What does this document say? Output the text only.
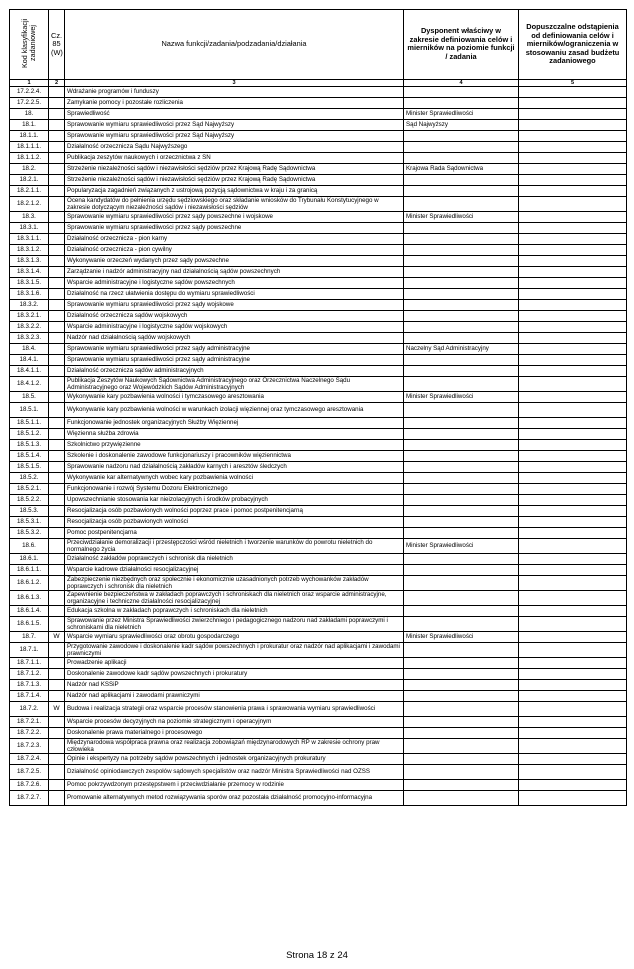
Kod klasyfikacji zadaniowej	Cz. 85 (W)	Nazwa funkcji/zadania/podzadania/działania	Dysponent właściwy w zakresie definiowania celów i mierników na poziomie funkcji / zadania	Dopuszczalne odstąpienia od definiowania celów i mierników/ograniczenia w stosowaniu zasad budżetu zadaniowego
1	2	3	4	5
17.2.2.4.		Wdrażanie programów i funduszy		
17.2.2.5.		Zamykanie pomocy i pozostałe rozliczenia		
18.		Sprawiedliwość	Minister Sprawiedliwości	
18.1.		Sprawowanie wymiaru sprawiedliwości przez Sąd Najwyższy	Sąd Najwyższy	
18.1.1.		Sprawowanie wymiaru sprawiedliwości przez Sąd Najwyższy		
18.1.1.1.		Działalność orzecznicza Sądu Najwyższego		
18.1.1.2.		Publikacja zeszytów naukowych i orzecznictwa z SN		
18.2.		Strzeżenie niezależności sądów i niezawisłości sędziów przez Krajową Radę Sądownictwa	Krajowa Rada Sądownictwa	
18.2.1.		Strzeżenie niezależności sądów i niezawisłości sędziów przez Krajową Radę Sądownictwa		
18.2.1.1.		Popularyzacja zagadnień związanych z ustrojową pozycją sądownictwa w kraju i za granicą		
18.2.1.2.		Ocena kandydatów do pełnienia urzędu sędziowskiego oraz składanie wniosków do Trybunału Konstytucyjnego w zakresie dotyczącym niezależności sądów i niezawisłości sędziów		
18.3.		Sprawowanie wymiaru sprawiedliwości przez sądy powszechne i wojskowe	Minister Sprawiedliwości	
18.3.1.		Sprawowanie wymiaru sprawiedliwości przez sądy powszechne		
18.3.1.1.		Działalność orzecznicza - pion karny		
18.3.1.2.		Działalność orzecznicza - pion cywilny		
18.3.1.3.		Wykonywanie orzeczeń wydanych przez sądy powszechne		
18.3.1.4.		Zarządzanie i nadzór administracyjny nad działalnością sądów powszechnych		
18.3.1.5.		Wsparcie administracyjne i logistyczne sądów powszechnych		
18.3.1.6.		Działalność na rzecz ułatwienia dostępu do wymiaru sprawiedliwości		
18.3.2.		Sprawowanie wymiaru sprawiedliwości przez sądy wojskowe		
18.3.2.1.		Działalność orzecznicza sądów wojskowych		
18.3.2.2.		Wsparcie administracyjne i logistyczne sądów wojskowych		
18.3.2.3.		Nadzór nad działalnością sądów wojskowych		
18.4.		Sprawowanie wymiaru sprawiedliwości przez sądy administracyjne	Naczelny Sąd Administracyjny	
18.4.1.		Sprawowanie wymiaru sprawiedliwości przez sądy administracyjne		
18.4.1.1.		Działalność orzecznicza sądów administracyjnych		
18.4.1.2.		Publikacja Zeszytów Naukowych Sądownictwa Administracyjnego oraz Orzecznictwa Naczelnego Sądu Administracyjnego oraz Wojewódzkich Sądów Administracyjnych		
18.5.		Wykonywanie kary pozbawienia wolności i tymczasowego aresztowania	Minister Sprawiedliwości	
18.5.1.		Wykonywanie kary pozbawienia wolności w warunkach izolacji więziennej oraz tymczasowego aresztowania		
18.5.1.1.		Funkcjonowanie jednostek organizacyjnych Służby Więziennej		
18.5.1.2.		Więzienna służba zdrowia		
18.5.1.3.		Szkolnictwo przywięzienne		
18.5.1.4.		Szkolenie i doskonalenie zawodowe funkcjonariuszy i pracowników więziennictwa		
18.5.1.5.		Sprawowanie nadzoru nad działalnością zakładów karnych i aresztów śledczych		
18.5.2.		Wykonywanie kar alternatywnych wobec kary pozbawienia wolności		
18.5.2.1.		Funkcjonowanie i rozwój Systemu Dozoru Elektronicznego		
18.5.2.2.		Upowszechnianie stosowania kar nieizolacyjnych i środków probacyjnych		
18.5.3.		Resocjalizacja osób pozbawionych wolności poprzez prace i pomoc postpenitencjarną		
18.5.3.1.		Resocjalizacja osób pozbawionych wolności		
18.5.3.2.		Pomoc postpenitencjarna		
18.6.		Przeciwdziałanie demoralizacji i przestępczości wśród nieletnich i tworzenie warunków do powrotu nieletnich do normalnego życia	Minister Sprawiedliwości	
18.6.1.		Działalność zakładów poprawczych i schronisk dla nieletnich		
18.6.1.1.		Wsparcie kadrowe działalności resocjalizacyjnej		
18.6.1.2.		Zabezpieczenie niezbędnych oraz społecznie i ekonomicznie uzasadnionych potrzeb wychowanków zakładów poprawczych i schronisk dla nieletnich		
18.6.1.3.		Zapewnienie bezpieczeństwa w zakładach poprawczych i schroniskach dla nieletnich oraz wsparcie administracyjne, organizacyjne i techniczne działalności resocjalizacyjnej		
18.6.1.4.		Edukacja szkolna w zakładach poprawczych i schroniskach dla nieletnich		
18.6.1.5.		Sprawowanie przez Ministra Sprawiedliwości zwierzchniego i pedagogicznego nadzoru nad zakładami poprawczymi i schroniskami dla nieletnich		
18.7.	W	Wsparcie wymiaru sprawiedliwości oraz obrotu gospodarczego	Minister Sprawiedliwości	
18.7.1.		Przygotowanie zawodowe i doskonalenie kadr sądów powszechnych i prokuratur oraz nadzór nad aplikacjami i zawodami prawniczymi		
18.7.1.1.		Prowadzenie aplikacji		
18.7.1.2.		Doskonalenie zawodowe kadr sądów powszechnych i prokuratury		
18.7.1.3.		Nadzór nad KSSiP		
18.7.1.4.		Nadzór nad aplikacjami i zawodami prawniczymi		
18.7.2.	W	Budowa i realizacja strategii oraz wsparcie procesów stanowienia prawa i sprawowania wymiaru sprawiedliwości		
18.7.2.1.		Wsparcie procesów decyzyjnych na poziomie strategicznym i operacyjnym		
18.7.2.2.		Doskonalenie prawa materialnego i procesowego		
18.7.2.3.		Międzynarodowa współpraca prawna oraz realizacja zobowiązań międzynarodowych RP w zakresie ochrony praw człowieka		
18.7.2.4.		Opinie i ekspertyzy na potrzeby sądów powszechnych i jednostek organizacyjnych prokuratury		
18.7.2.5.		Działalność opiniodawczych zespołów sądowych specjalistów oraz nadzór Ministra Sprawiedliwości nad OZSS		
18.7.2.6.		Pomoc pokrzywdzonym przestępstwem i przeciwdziałanie przemocy w rodzinie		
18.7.2.7.		Promowanie alternatywnych metod rozwiązywania sporów oraz pozostała działalność promocyjno-informacyjna		
Strona 18 z 24
